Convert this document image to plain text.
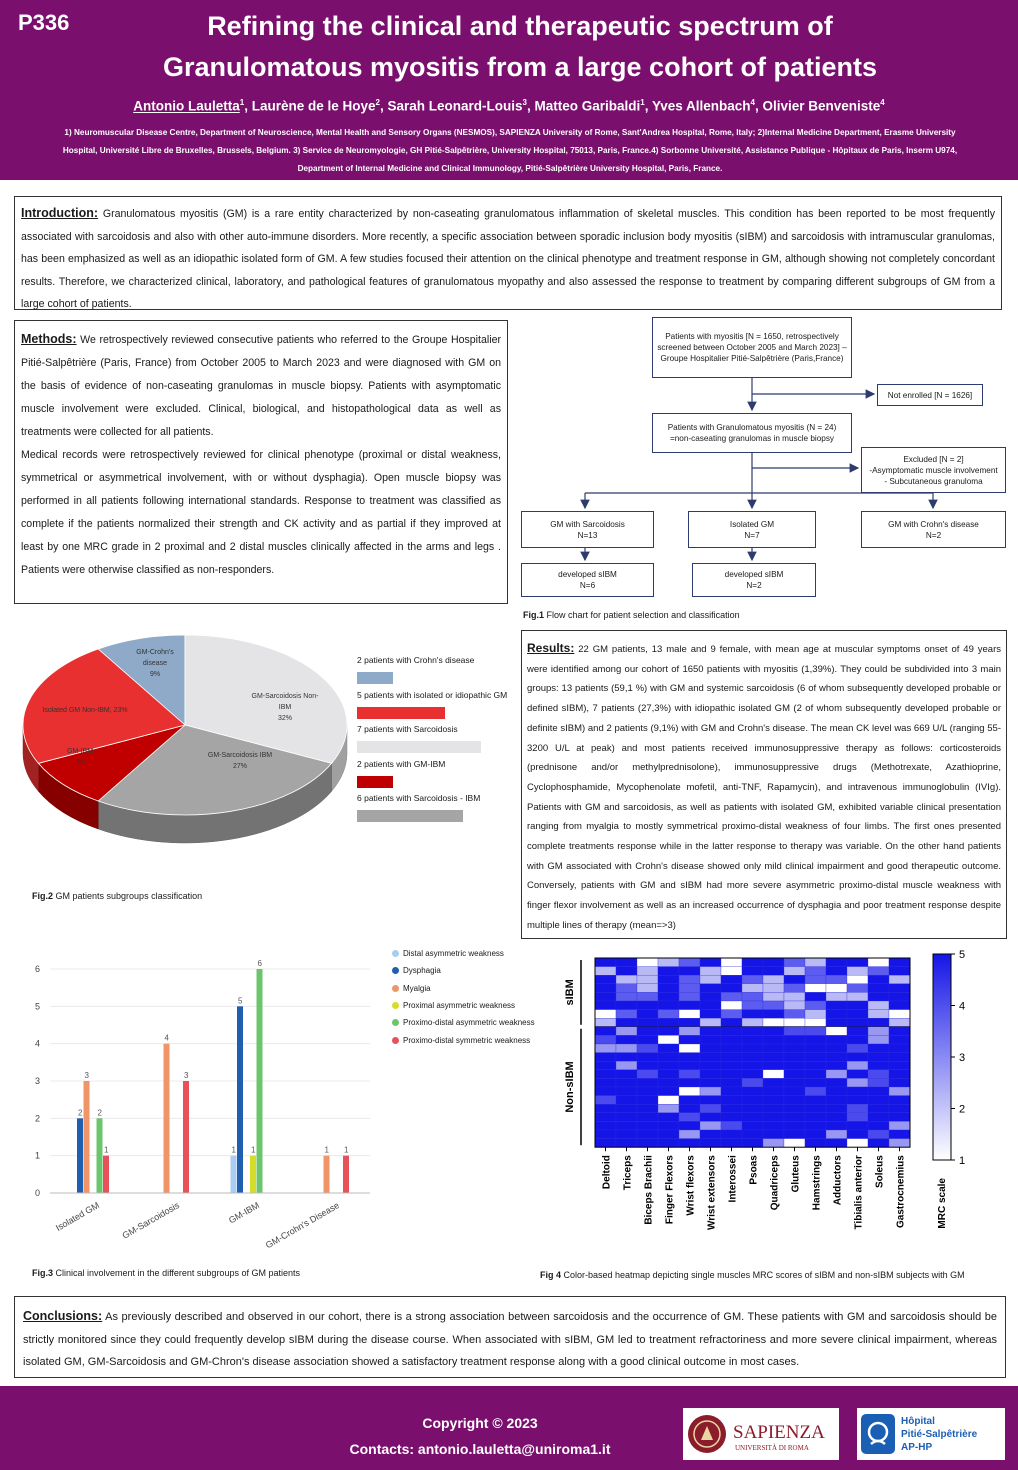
P336	Refining the clinical and therapeutic spectrum of
Granulomatous myositis from a large cohort of patients
Antonio Lauletta$^1$, Laurène de le Hoye$^2$, Sarah Leonard-Louis$^3$, Matteo Garibaldi$^1$, Yves Allenbach$^4$, Olivier Benveniste$^4$
1) Neuromuscular Disease Centre, Department of Neuroscience, Mental Health and Sensory Organs (NESMOS), SAPIENZA University of Rome, Sant'Andrea Hospital, Rome, Italy; 2)Internal Medicine Department, Erasme University Hospital, Université Libre de Bruxelles, Brussels, Belgium. 3) Service de Neuromyologie, GH Pitié-Salpêtrière, University Hospital, 75013, Paris, France.4) Sorbonne Université, Assistance Publique - Hôpitaux de Paris, Inserm U974, Department of Internal Medicine and Clinical Immunology, Pitié-Salpêtrière University Hospital, Paris, France.

Introduction: Granulomatous myositis (GM) is a rare entity characterized by non-caseating granulomatous inflammation of skeletal muscles. This condition has been reported to be most frequently associated with sarcoidosis and also with other auto-immune disorders. More recently, a specific association between sporadic inclusion body myositis (sIBM) and sarcoidosis with intramuscular granulomas, has been emphasized as well as an idiopathic isolated form of GM. A few studies focused their attention on the clinical phenotype and treatment response in GM, although showing not completely concordant results. Therefore, we characterized clinical, laboratory, and pathological features of granulomatous myopathy and also assessed the response to treatment by comparing different subgroups of GM from a large cohort of patients.

Methods: We retrospectively reviewed consecutive patients who referred to the Groupe Hospitalier Pitié-Salpêtrière (Paris, France) from October 2005 to March 2023 and were diagnosed with GM on the basis of evidence of non-caseating granulomas in muscle biopsy. Patients with asymptomatic muscle involvement were excluded. Clinical, biological, and histopathological data as well as treatments were collected for all patients.

Medical records were retrospectively reviewed for clinical phenotype (proximal or distal weakness, symmetrical or asymmetrical involvement, with or without dysphagia). Open muscle biopsy was performed in all patients following international standards. Response to treatment was classified as complete if the patients normalized their strength and CK activity and as partial if they improved at least by one MRC grade in 2 proximal and 2 distal muscles clinically affected in the arms and legs . Patients were otherwise classified as non-responders.

Patients with myositis [N = 1650, retrospectively screened between October 2005 and March 2023] – Groupe Hospitalier Pitié-Salpêtrière (Paris,France)
Not enrolled [N = 1626]
Patients with Granulomatous myositis (N = 24) =non-caseating granulomas in muscle biopsy
Excluded [N = 2]
-Asymptomatic muscle involvement
- Subcutaneous granuloma
GM with Sarcoidosis
N=13
Isolated GM
N=7
GM with Crohn's disease
N=2
developed sIBM
N=6
developed sIBM
N=2
Fig.1 Flow chart for patient selection and classification
GM-Crohn's
disease
9%
GM-Sarcoidosis Non-
IBM
32%
GM-Sarcoidosis IBM
27%
GM-IBM
9%
Isolated GM Non-IBM, 23%
2 patients with Crohn's disease
5 patients with isolated or idiopathic GM
7 patients with Sarcoidosis
2 patients with GM-IBM
6 patients with Sarcoidosis - IBM
Fig.2 GM patients subgroups classification

Results: 22 GM patients, 13 male and 9 female, with mean age at muscular symptoms onset of 49 years were identified among our cohort of 1650 patients with myositis (1,39%). They could be subdivided into 3 main groups: 13 patients (59,1 %) with GM and systemic sarcoidosis (6 of whom subsequently developed probable or defined sIBM), 7 patients (27,3%) with idiopathic isolated GM (2 of whom subsequently developed probable or definite sIBM) and 2 patients (9,1%) with GM and Crohn's disease. The mean CK level was 669 U/L (ranging 55-3200 U/L at peak) and most patients received immunosuppressive therapy as follows: corticosteroids (prednisone and/or methylprednisolone), immunosuppressive drugs (Methotrexate, Azathioprine, Cyclophosphamide, Mycophenolate mofetil, anti-TNF, Rapamycin), and intravenous immunoglobulin (IVIg). Patients with GM and sarcoidosis, as well as patients with isolated GM, exhibited variable clinical presentation ranging from myalgia to mostly symmetrical proximo-distal weakness of four limbs. The first ones presented complete treatments response while in the latter response to therapy was variable. On the other hand patients with GM associated with Crohn's disease showed only mild clinical impairment and good therapeutic outcome. Conversely, patients with GM and sIBM had more severe asymmetric proximo-distal muscle weakness with finger flexor involvement as well as an increased occurrence of dysphagia and poor treatment response despite multiple lines of therapy (mean=>3)

0
1
2
3
4
5
6
2
3
2
1
Isolated GM
4
3
GM-Sarcoidosis
1
5
1
6
GM-IBM
1 1
GM-Crohn's Disease
Distal asymmetric weakness
Dysphagia
Myalgia
Proximal asymmetric weakness
Proximo-distal asymmetric weakness
Proximo-distal symmetric weakness
Fig.3 Clinical involvement in the different subgroups of GM patients
sIBM
Non-sIBM
Deltoid Triceps Biceps Brachii Finger Flexors Wrist flexors Wrist extensors Interossei Psoas Quadriceps Gluteus Hamstrings Adductors Tibialis anterior Soleus Gastrocnemius
5
4
3
2
1
MRC scale
Fig 4 Color-based heatmap depicting single muscles MRC scores of sIBM and non-sIBM subjects with GM

Conclusions: As previously described and observed in our cohort, there is a strong association between sarcoidosis and the occurrence of GM. These patients with GM and sarcoidosis should be strictly monitored since they could frequently develop sIBM during the disease course. When associated with sIBM, GM led to treatment refractoriness and more severe clinical impairment, whereas isolated GM, GM-Sarcoidosis and GM-Chron's disease association showed a satisfactory treatment response along with a good clinical outcome in most cases.

Copyright © 2023
Contacts: antonio.lauletta@uniroma1.it
SAPIENZA
UNIVERSITÀ DI ROMA
Hôpital
Pitié-Salpêtrière
AP-HP
